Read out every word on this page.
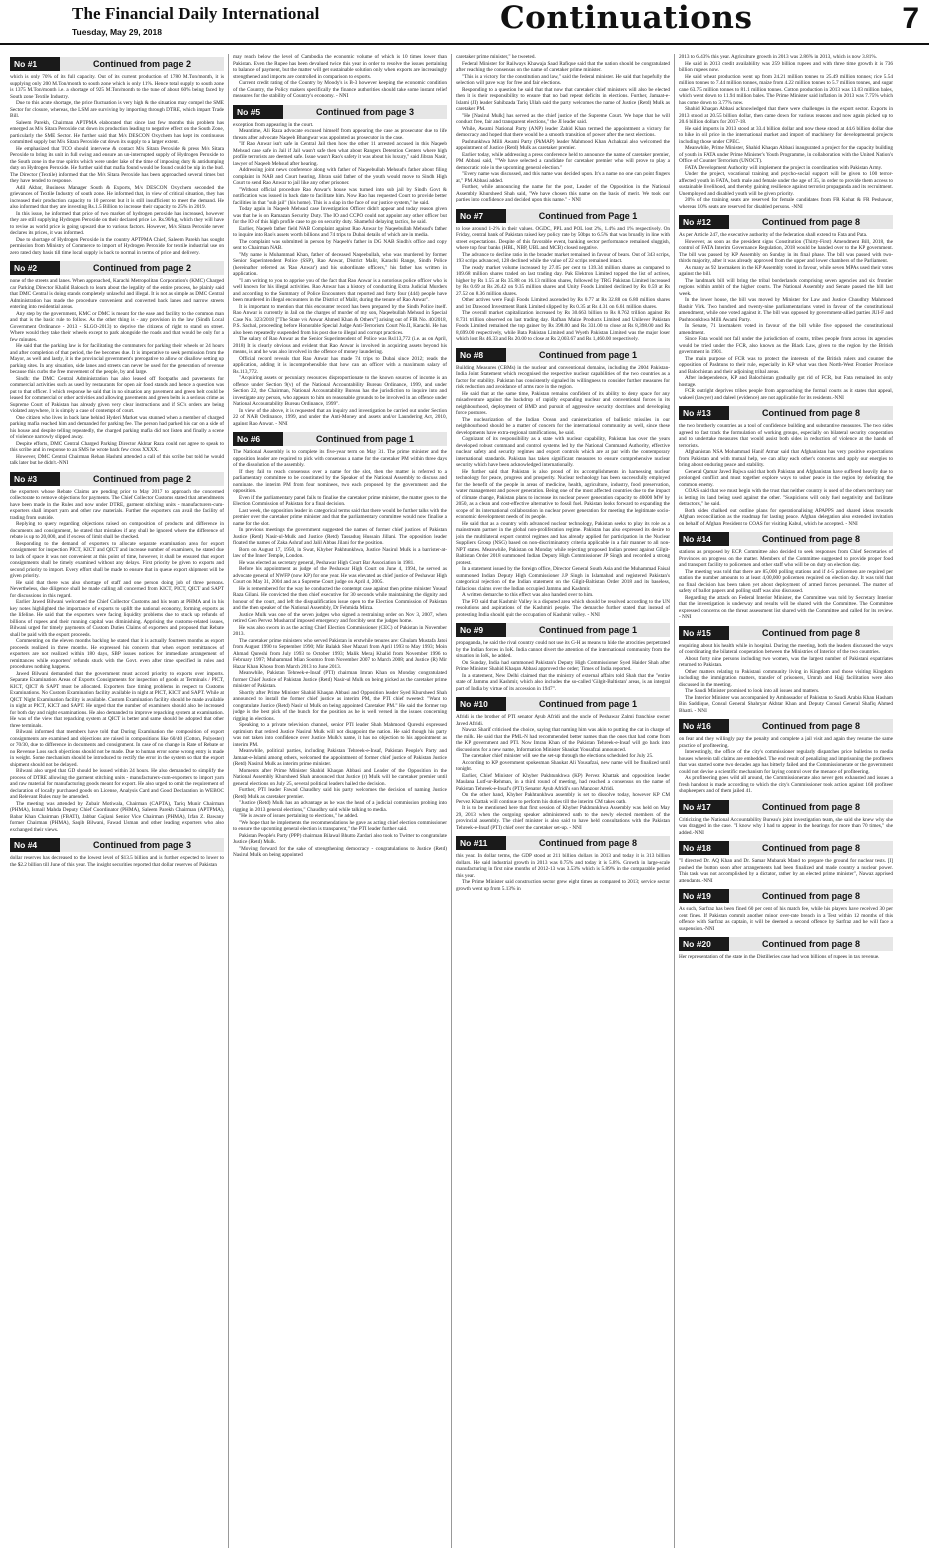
The Financial Daily International
Tuesday, May 29, 2018	Continuations	7
No #1	Continued from page 2

which is only 70% of its full capacity. Out of its current production of 1780 M.Ton/month, it is supplying only 200 M.Ton/month to south zone which is only 11%. Hence total supply to south zone is 1375 M.Ton/month i.e. a shortage of 925 M.Ton/month to the tune of about 60% being faced by South zone Textile Industry.

Due to this acute shortage, the price fluctuation is very high & the situation may compel the SME Sector for closure, whereas, the LSM are surviving by importing through DTRE, which impart Trade Bill.

Saleem Parekh, Chairman APTPMA elaborated that since last few months this problem has emerged as M/s Sitara Peroxide cut down its production leading to negative effect on the South Zone, particularly the SME Sector. He further said that M/s DESCON Oxychem has kept its continuous committed supply but M/s Sitara Peroxide cut down its supply to a larger extent.

He emphasized that TCO should intervene & contact M/s Sitara Peroxide & press M/s Sitara Peroxide to bring its unit in full swing and ensure an un-interrupted supply of Hydrogen Peroxide to the South zone in the true spirits which were under lake of the time of imposing duty & antidumping duty on Hydrogen Peroxide. He further said that mafia found would be found could be nip in the bud. The Director (Textile) informed that the M/s Sitara Peroxide has been approached several times but they have tended to response.

Adil Akbar, Business Manager South & Exports, M/s DESCON Oxychem seconded the grievances of Textile Industry of south zone. He informed that, in view of critical situation, they has increased their production capacity to 10 percent but it is still insufficient to meet the demand. He also informed that they are investing Rs.1.5 Billion to increase their capacity to 25% in 2019.

In this issue, he informed that price of two market of hydrogen peroxide has increased, however they are still supplying Hydrogen Peroxide on their declared price i.e. Rs.90/kg, which they will have to revise as world price is going upward due to various factors. However, M/s Sitara Peroxide never declares its prices, it was informed.

Due to shortage of Hydrogen Peroxide in the country APTPMA Chief, Saleem Parekh has sought permission from Ministry of Commerce to import of Hydrogen Peroxide for textile industrial use on zero rated duty basis till time local supply is back to normal in terms of price and delivery.

No #2	Continued from page 2

none of the streets and lanes. When approached, Karachi Metropolitan Corporation's (KMC) Charged car Parking Director Khalid Balouch to learn about the legality of the entire process, he plainly said that DMC Central is doing stands completely unlawful and illegal. It is not as simple as DMC Central Administration has made the procedure convenient and converted back lanes and narrow streets entering into residential areas.

Any step by the government, KMC or DMC is meant for the ease and facility to the common man and that is the basic rule to follow. As the other thing is - any provision in the law (Sindh Local Government Ordinance - 2013 - SLGO-2013) to deprive the citizens of right to stand on street. Where would they take their wheels except to park alongside the roads and that would be only for a few minutes.

He said that the parking law is for facilitating the commuters for parking their wheels or 24 hours and after completion of that period, the fee becomes due. It is imperative to seek permission from the Mayor, as well and lastly, it is the provincial government's prerogative to allow or disallow setting up parking sites. In any situation, side lanes and streets can never be used for the generation of revenue because this curbs the free movement of the people, by and large.

Sindh: the DMC Central Administration has also leased off footpaths and pavements for commercial activities such as used by restaurants for open air food stands and hence a question was put to that officer. I which response he said that in no situation any pavement and green belt could be leased for commercial or other activities and allowing pavements and green belts is a serious crime as Supreme Court of Pakistan has already given very clear instructions and if SC's orders are being violated anywhere, it is simply a case of contempt of court.

One citizen who lives in back lane behind Hyderi Market was stunned when a member of charged parking mafia reached him and demanded for parking fee. The person had parked his car on a side of his house and despite telling repeatedly, the charged parking mafia did not listen and finally a scene of violence narrowly slipped away.

Despite efforts, DMC Central Charged Parking Director Akhtar Raza could not agree to speak to this scribe and in response to an SMS he wrote back few cross XXXX.

However, DMC Central Chairman Rehan Hashmi attended a call of this scribe but told he would talk later but he didn't.-NNI

No #3	Continued from page 2

the exporters whose Rebate Claims are pending prior to May 2017 to approach the concerned collectorate to remove objections for payments. The Chief Collector Customs stated that amendments have been made in the Rules and now under DTRE, garment stitching units - manufacturers-cum-exporters shall import yarn and other raw materials. Further the exporters can avail the facility of trading from outside.

Replying to query regarding objections raised on composition of products and difference in documents and consignment, he stated that mistakes if any shall be ignored where the difference of rebate is up to 20,000, and if excess of limit shall be checked.

Responding to the demand of exporters to allocate separate examination area for export consignment for inspection PICT, KICT and QICT and increase number of examiners, he stated due to lack of space it was not convenient at this point of time, however, it shall be ensured that export consignments shall be timely examined without any delays. First priority be given to exports and second priority to import. Every effort shall be made to ensure that in queue export shipment will be given priority.

He said that there was also shortage of staff and one person doing job of three persons. Nevertheless, due diligence shall be made calling all concerned from KICT, PICT, QICT and SAPT for discussions in this regard.

Earlier Jawed Bilwani welcomed the Chief Collector Customs and his team at PHMA and in his key notes highlighted the importance of exports to uplift the national economy, forming exports as the lifeline. He said that the exporters were facing liquidity problems due to stuck up refunds of billions of rupees and their running capital was diminishing. Apprising the customs-related issues, Bilwani urged for timely payments of Custom Duties Claims of exporters and proposed that Rebate shall be paid with the export proceeds.

Commenting on the eleven months backlog he stated that it is actually fourteen months as export proceeds realized in three months. He expressed his concern that when export remittances of exporters are not realized within 180 days, SBP issues notices for immediate arrangement of remittances while exporters' refunds stuck with the Govt. even after time specified in rules and procedures nothing happens.

Jawed Bilwani demanded that the government must accord priority to exports over imports. Separate Examination Areas of Exports Consignments for inspection of goods at Terminals / PICT, KICT, QICT & SAPT must be allocated. Exporters face timing problems in respect to Customs Examinations. No Custom Examination facility available in night at PICT, KICT and SAPT. While at QICT Night Examination facility is available. Custom Examination facility should be made available in night at PICT, KICT and SAPT. He urged that the number of examiners should also be increased for both day and night examinations. He also demanded to improve repacking system at examination. He was of the view that repacking system at QICT is better and same should be adopted that other three terminals.

Bilwani informed that members have told that During Examination the composition of export consignments are examined and objections are raised in compositions like 60/40 (Cotton, Polyester) or 70/30, due to difference in documents and consignment. In case of no change in Rate of Rebate or no Revenue Loss such objections should not be made. Due to human error some wrong entry is made in weight. Some mechanism should be introduced to rectify the error in the system so that the export shipment should not be delayed.

Bilwani also urged that GD should be issued within 24 hours. He also demanded to simplify the process of DTRE allowing the garment stitching units - manufacturers-cum-exporters to import yarn and raw material for manufacturing goods meant for export. He also urged to omit the requirement of declaration of locally purchased goods on License, Analysis Card and Good Declaration in WEBOC and Relevant Rules may be amended.

The meeting was attended by Zubair Motiwala, Chairman (CAPTA), Tariq Munir Chairman (PHMA), Ismail Mahda Deputy Chief Coordinator (PHMA), Saleem Parekh Chairman (APTPMA), Babar Khan Chairman (FBATI), Jabbar Gajiani Senior Vice Chairman (PHMA), Irfan Z. Bawany former Chairman (PHMA), Saqib Bilwani, Fawad Usman and other leading exporters who also exchanged their views.

No #4	Continued from page 3

dollar reserves has decreased to the lowest level of $13.5 billion and is further expected to lower to the $2.2 billion till June of this year. The insight securities reported that dollar reserves of Pakistan

may reach below the level of Cambodia the economic volume of which is 10 times lower than Pakistan. Even the Rupee has been devalued twice this year in order to resolve the issues pertaining to balance of payment, but the matter will get sustainable solution only when exports are increasingly strengthened and imports are controlled in comparison to exports.

Current credit rating of the Country by Moody's is B-3 however keeping the economic condition of the Country, the Policy makers specifically the finance authorities should take some instant relief measures for the stability of Country's economy. - NNI

No #5	Continued from page 3

exception from appearing in the court.

Meantime, Ali Raza advocate excused himself from appearing the case as prosecutor due to life threats after advocate Naqeeb Bhangwar was appointed as prosecutor in the case.

"If Rao Anwar isn't safe in Central Jail then how the other 11 arrested accused in this Naqeeb Mehsud case safe in Jail if Jail wasn't safe then what about Rangers Detention Centers where high profile terrorists are deemed safe. Issue wasn't Rao's safety it was about his luxury," said Jibran Nasir, lawyer of Naqeeb Mehsud after hearing.

Addressing joint news conference along with father of Naqeebullah Mehsud's father about filing complaint in NAB and Court hearing, Jibran said father of the youth would move to Sindh High Court to send Rao Anwar to jail like any other prisoner.

"Without official procedure Rao Anwar's house was turned into sub jail by Sindh Govt & notification was issued in back date to facilitate him. Now Rao has requested Court to provide better facilities in that "sub jail" (his home). This is a slap in the face of our justice system," he said.

Today again in Naqeeb Mehsud case Investigation Officer didn't appear and today reason given was that he is on Ramazan Security Duty. The IO and CCPO could not appoint any other officer but for the IO of this high profile case to go on security duty. Shameful delaying tactics, he said.

Earlier, Naqeeb father field NAB Complaint against Rao Anwar by Naqeebullah Mehsud's father to inquire into Rao's assets worth billions and 74 trips to Dubai details of which are in media.

The complaint was submitted in person by Naqeeb's father in DG NAB Sindh's office and copy sent to Chairman NAB.

"My name is Muhammad Khan, father of deceased Naqeebullah, who was murdered by former Senior Superintendent Police (SSP), Rao Anwar, District Malir, Karachi Range, Sindh Police (hereinafter referred as 'Rao Anwar') and his subordinate officers," his father has written in application.

"I am writing to you to apprise you of the fact that Rao Anwar is a notorious police officer who is well known for his illegal activities. Rao Anwar has a history of conducting Extra Judicial Murders and according to the Summary of Police Encounters that reported and forty four (444) people have been murdered in illegal encounters in the District of Malir, during the tenure of Rao Anwar".

It is important to mention that this encounter record has been prepared by the Sindh Police itself. Rao Anwar is currently in Jail on the charges of murder of my son, Naqeebullah Mehsud in Special Case No. 323/2018 ["The State v/s Anwar Ahmed Khan & Others"] arising out of FIR No. 40/2018, P.S. Sachal, proceeding before Honorable Special Judge Anti-Terrorism Court No.II, Karachi. He has also been repeatedly suspended from his post due to illegal and corrupt practices.

The salary of Rao Anwar as the Senior Superintendent of Police was Rs113,772 (i.e. as on April, 2018) It is clearly obvious and evident that Rao Anwar is involved in acquiring assets beyond his means, is and he was also involved in the offence of money laundering.

Official record reveals that Rao Anwar has made 74 trips to Dubai since 2012; reads the application, adding it is incomprehensible that how can an officer with a maximum salary of Rs.113,772.

"Acquiring assets or pecuniary resources disproportionate to the known sources of income is an offence under Section 9(v) of the National Accountability Bureau Ordinance, 1999, and under Section 22, the Chairman, National Accountability Bureau has the jurisdiction to inquire into and investigate any person, who appears to him on reasonable grounds to be involved in an offence under National Accountability Bureau Ordinance, 1999".

In view of the above, it is requested that an inquiry and investigation be carried out under Section 22 of NAB Ordinance, 1999, and under the Anti-Money and assets and/or Laundering Act, 2010, against Rao Anwar. - NNI

No #6	Continued from page 1

The National Assembly is to complete its five-year term on May 31. The prime minister and the opposition leader are required to pick with consensus a name for the caretaker PM within three days of the dissolution of the assembly.

If they fail to reach consensus over a name for the slot, then the matter is referred to a parliamentary committee to be constituted by the Speaker of the National Assembly to discuss and nominate. the interim PM from four nominees, two each proposed by the government and the opposition.

Even if the parliamentary panel fails to finalise the caretaker prime minister, the matter goes to the Election Commission of Pakistan for a final decision.

Last week, the opposition leader in categorical terms said that there would be further talks with the premier over the caretaker prime minister and that the parliamentary committee would now finalise a name for the slot.

In previous meetings the government suggested the names of former chief justices of Pakistan Justice (Retd) Nasir-ul-Mulk and Justice (Retd) Tassaduq Hussain Jillani. The opposition leader floated the names of Zaka Ashraf and Jalil Abbas Jilani for the position.

Born on August 17, 1950, in Swat, Khyber Pakhtunkhwa, Justice Nasirul Mulk is a barrister-at-law of the Inner Temple, London.

He was elected as secretary general, Peshawar High Court Bar Association in 1981.

Before his appointment as judge of the Peshawar High Court on June 4, 1994, he served as advocate general of NWFP (now KP) for one year. He was elevated as chief justice of Peshawar High Court on May 31, 2004 and as a Supreme Court judge on April 4, 2005.

He is remembered for the way he conducted the contempt case against then prime minister Yousaf Raza Gilani. He convicted the then chief executive for 30 seconds while maintaining the dignity and honour of the court, and left the disqualification issue open to the Election Commission of Pakistan and the then speaker of the National Assembly, Dr Fehmida Mirza.

Justice Mulk was one of the seven judges who signed a restraining order on Nov 3, 2007, when retired Gen Pervez Musharraf imposed emergency and forcibly sent the judges home.

He was also sworn in as the acting Chief Election Commissioner (CEC) of Pakistan in November 2013.

The caretaker prime ministers who served Pakistan in erstwhile tenures are: Ghulam Mustafa Jatoi from August 1990 to September 1990; Mir Balakh Sher Mazari from April 1993 to May 1993; Moin Ahmad Qureshi from July 1993 to October 1993; Malik Meraj Khalid from November 1996 to February 1997; Muhammad Mian Soomro from November 2007 to March 2008; and Justice (R) Mir Hazar Khan Khoso from March 2013 to June 2013.

Meanwhile, Pakistan Tehreek-e-Insaf (PTI) chairman Imran Khan on Monday congratulated former Chief Justice of Pakistan Justice (Retd) Nasir-ul Mulk on being picked as the caretaker prime minister of Pakistan.

Shortly after Prime Minister Shahid Khaqan Abbasi and Opposition leader Syed Khursheed Shah announced to install the former chief justice as interim PM, the PTI chief tweeted: "Want to congratulate Justice (Retd) Nasir ul Mulk on being appointed Caretaker PM." He said the former top judge is the best pick of the bunch for the position as he is well versed in the issues concerning rigging in elections.

Speaking to a private television channel, senior PTI leader Shah Mahmood Qureshi expressed optimism that retired Justice Nasirul Mulk will not disappoint the nation. He said though his party was not taken into confidence over Justice Mulk's name, it has no objection to his appointment as interim PM.

Meanwhile, political parties, including Pakistan Tehreek-e-Insaf, Pakistan People's Party and Jamaat-e-Islami among others, welcomed the appointment of former chief justice of Pakistan Justice (Retd) Nasirul Mulk as interim prime minister.

Moments after Prime Minister Shahid Khaqan Abbasi and Leader of the Opposition in the National Assembly Khursheed Shah announced that Justice (r) Mulk will be caretaker premier until general elections on July 25, several political leaders hailed the decision.

Further, PTI leader Fawad Chaudhry said his party welcomes the decision of naming Justice (Retd) Mulk as caretaker premier.

"Justice (Retd) Mulk has an advantage as he was the head of a judicial commission probing into rigging in 2013 general elections," Chaudhry said while talking to media.

"He is aware of issues pertaining to elections," he added.

"We hope that he implements the recommendations he gave as acting chief election commissioner to ensure the upcoming general election is transparent," the PTI leader further said.

Pakistan People's Party (PPP) chairman Bilawal Bhutto Zardari also took to Twitter to congratulate Justice (Retd) Mulk.

"Moving forward for the sake of strengthening democracy - congratulations to Justice (Retd) Nasirul Mulk on being appointed

caretaker prime minister," he tweeted.

Federal Minister for Railways Khawaja Saad Rafique said that the nation should be congratulated after reaching the consensus on the name of caretaker prime minister.

"This is a victory for the constitution and law," said the federal minister. He said that hopefully the selection will pave way for free and fair elections.

Responding to a question he said that that now that caretaker chief ministers will also be elected then it is their responsibility to ensure that no bad repeat deficits in elections. Further, Jamaat-e-Islami (JI) leader Sahibzada Tariq Ullah said the party welcomes the name of Justice (Retd) Mulk as caretaker PM.

"He [Nasirul Mulk] has served as the chief justice of the Supreme Court. We hope that he will conduct free, fair and transparent elections," the JI leader said.

While, Awami National Party (ANP) leader Zahid Khan termed the appointment a victory for democracy and hoped that there would be a smooth transition of power after the next elections.

Pashtunkhwa Milli Awami Party (PkMAP) leader Mahmood Khan Achakzai also welcomed the appointment of Justice (Retd) Mulk as caretaker premier.

Earlier today, while addressing a press conference held to announce the name of caretaker premier, PM Abbasi said, ""We have selected a candidate for caretaker premier who will prove to play a democratic role in the upcoming general election."

"Every name was discussed, and this name was decided upon. It's a name no one can point fingers at," PM Abbasi added.

Further, while announcing the name for the post, Leader of the Opposition in the National Assembly Khursheed Shah said, "We have chosen this name on the basis of merit. We took our parties into confidence and decided upon this name." - NNI

No #7	Continued from Page 1

to lose around 1-2% in their values. OGDC, PPL and POL lost 2%, 1.4% and 1% respectively. On Friday, central bank of Pakistan raised key policy rate by 50bps to 6.5% that was broadly in line with street expectations. Despite of this favorable event, banking sector performance remained sluggish, where top four banks (HBL, NBP, UBL and MCB) closed negative.

The advance to decline ratio in the broader market remained in favour of bears. Out of 343 scrips, 193 scrips advanced, 128 declined while the value of 22 scrips remained intact.

The ready market volume increased by 27.05 per cent to 139.34 million shares as compared to 109.68 million shares traded on last trading day. Pak Elektron Limited topped the list of actives, higher by Rs 1.55 at Rs 35.88 on 16.13 million shares, followed by TRG Pakistan Limited increased by Rs 0.69 at Rs 26.42 on 9.35 million shares and Unity Foods Limited declined by Rs 0.59 at Rs 27.52 on 8.36 million shares.

Other actives were Fauji Foods Limited ascended by Rs 0.77 at Rs 32.88 on 6.80 million shares and 1st Dawood Investment Bank Limited slipped by Rs 0.35 at Rs 4.31 on 6.61 million shares.

The overall market capitalization increased by Rs 30.663 billion to Rs 8.762 trillion against Rs 8.731 trillion observed on last trading day. Rafhan Maize Products Limited and Unilever Pakistan Foods Limited remained the top gainer by Rs 398.00 and Rs 331.00 to close at Rs 8,398.00 and Rs 8,699.00 respectively, while Bata Pakistan Limited and Wyeth Pakistan Limited was the major loser which lost Rs 46.33 and Rs 20.00 to close at Rs 2,003.67 and Rs 1,460.00 respectively.

No #8	Continued from page 1

Building Measures (CBMs) in the nuclear and conventional domains, including the 2004 Pakistan-India Joint Statement which recognised the respective nuclear capabilities of the two countries as a factor for stability. Pakistan has consistently signaled its willingness to consider further measures for risk reduction and avoidance of arms race in the region.

He said that at the same time, Pakistan remains confident of its ability to deny space for any misadventure against the backdrop of rapidly expanding nuclear and conventional forces in its neighbourhood, deployment of BMD and pursuit of aggressive security doctrines and developing force postures.

The nuclearization of the Indian Ocean and canisterization of ballistic missiles in our neighbourhood should be a matter of concern for the international community as well, since these developments have extra-regional ramifications, he said.

Cognizant of its responsibility as a state with nuclear capability, Pakistan has over the years developed robust command and control systems led by the National Command Authority, effective nuclear safety and security regimes and export controls which are at par with the contemporary international standards. Pakistan has taken significant measures to ensure comprehensive nuclear security which have been acknowledged internationally.

He further said that Pakistan is also proud of its accomplishments in harnessing nuclear technology for peace, progress and prosperity. Nuclear technology has been successfully employed for the benefit of the people in areas of medicine, health, agriculture, industry, food preservation, water management and power generation. Being one of the most affected countries due to the impact of climate change, Pakistan plans to increase its nuclear power generation capacity to 40000 MW by 2050, as a clean and cost-effective alternative to fossil fuel. Pakistan looks forward to expanding the scope of its international collaboration in nuclear power generation for meeting the legitimate socio-economic development needs of its people.

He said that as a country with advanced nuclear technology, Pakistan seeks to play its role as a mainstream partner in the global non-proliferation regime. Pakistan has also expressed its desire to join the multilateral export control regimes and has already applied for participation in the Nuclear Suppliers Group (NSG) based on non-discriminatory criteria applicable in a fair manner to all non-NPT states. Meanwhile, Pakistan on Monday while rejecting proposed Indian protest against Gilgit-Baltistan Order 2018 summoned Indian Deputy High Commissioner JP Singh and recorded a strong protest.

In a statement issued by the foreign office, Director General South Asia and the Muhammad Faisal summoned Indian Deputy High Commissioner J.P Singh in Islamabad and registered Pakistan's categorical rejection of the Indian statement on the Gilgit-Baltistan Order 2018 and its baseless, fallacious claims over the Indian occupied Jammu and Kashmir.

A written demarche to this effect was also handed over to him.

The FO said that Kashmir Valley is a disputed area which should be resolved according to the UN resolutions and aspirations of the Kashmiri people. The demarche further stated that instead of protesting India should quit the occupation of Kashmir valley. - NNI

No #9	Continued from page 1

propaganda, he said the rival country could not use its G-H as means to hide the atrocities perpetrated by the Indian forces in IoK. India cannot divert the attention of the international community from the situation in IoK, he added.

On Sunday, India had summoned Pakistan's Deputy High Commissioner Syed Haider Shah after Prime Minister Shahid Khaqan Abbasi approved the order; Times of India reported.

In a statement, New Delhi claimed that the ministry of external affairs told Shah that the "entire state of Jammu and Kashmir, which also includes the so-called 'Gilgit-Baltistan' areas, is an integral part of India by virtue of its accession in 1947".

No #10	Continued from page 1

Afridi is the brother of PTI senator Ayub Afridi and the uncle of Peshawar Zalmi franchise owner Javed Afridi.

Nawaz Sharif criticised the choice, saying that naming him was akin to putting the cat in charge of the milk. He said that the PML-N had recommended better names than the ones that had come from the KP government and PTI. Now Imran Khan of the Pakistan Tehreek-e-Insaf will go back into discussions for a new name, Information Minister Shaukat Yousafzai announced.

The caretaker chief minister will see the set-up through the elections scheduled for July 25.

According to KP government spokesman Shaukat Ali Yousafzai, new name will be finalized until tonight.

Earlier, Chief Minister of Khyber Pakhtunkhwa (KP) Pervez Khattak and opposition leader Maulana Lutf-ur-Rehman, in a third round of meeting, had reached a consensus on the name of Pakistan Tehreek-e-Insaf's (PTI) Senator Ayub Afridi's son Manzoor Afridi.

On the other hand, Khyber Pakhtunkhwa assembly is set to dissolve today, however KP CM Pervez Khattak will continue to perform his duties till the interim CM takes oath.

It is to be mentioned here that first session of Khyber Pakhtunkhwa Assembly was held on May 29, 2013 when the outgoing speaker administered oath to the newly elected members of the provincial assembly. The chief minister is also said to have held consultations with the Pakistan Tehreek-e-Insaf (PTI) chief over the caretaker set-up. - NNI

No #11	Continued from page 8

this year. In dollar terms, the GDP stood at 211 billion dollars in 2013 and today it is 313 billion dollars. He said industrial growth in 2013 was 0.75% and today it is 5.8%. Growth in large-scale manufacturing in first nine months of 2012-13 was 3.53% which is 5.89% in the comparable period this year.

The Prime Minister said construction sector grew eight times as compared to 2013; service sector growth went up from 5.13% in

2013 to 6.43% this year. Agriculture growth in 2013 was 2.86% in 2013, which is now 3.81%.

He said in 2013 credit availability was 259 billion rupees and with three time growth it is 736 billion rupees now.

He said wheat production went up from 24.21 million tonnes to 25.49 million tonnes; rice 5.54 million tonnes to 7.44 million tonnes, maize from 4.22 million tonnes to 5.7 million tonnes, and sugar cane 63.75 million tonnes to 81.1 million tonnes. Cotton production in 2013 was 13.03 million bales, which went down to 11.94 million bales. The Prime Minister said inflation in 2013 was 7.75% which has come down to 3.77% now.

Shahid Khaqan Abbasi acknowledged that there were challenges in the export sector. Exports in 2013 stood at 20.55 billion dollar, then came down for various reasons and now again picked up to 20.6 billion dollars for 2017-18.

He said imports in 2013 stood at 33.4 billion dollar and now these stood at 44.6 billion dollar due to hike in oil price in the international market and import of machinery for developmental projects including those under CPEC.

Meanwhile, Prime Minister, Shahid Khaqan Abbasi inaugurated a project for the capacity building of youth in FATA under Prime Minister's Youth Programme, in collaboration with the United Nation's Office of Counter Terrorism (UNOCT).

FATA Development Authority will implement the project in coordination with Pakistan Army.

Under the project, vocational training and psycho-social support will be given to 100 terror-affected youth in FATA, both male and female under the age of 35, in order to provide them access to sustainable livelihood, and thereby gaining resilience against terrorist propaganda and its recruitment. Unemployed and disabled youth will be given priority.

20% of the training seats are reserved for female candidates from FR Kohat & FR Peshawar, whereas 10% seats are reserved for disabled persons. -NNI

No #12	Continued from page 8

As per Article 247, the executive authority of the federation shall extend to Fata and Pata.

However, as soon as the president signs Constitution (Thirty-First) Amendment Bill, 2018, the control of FATA Interim Governance Regulation, 2018 would be handed over to the KP government. The bill was passed by KP Assembly on Sunday in its final phase. The bill was passed with two-thirds majority, after it was already approved from the upper and lower chambers of the Parliament.

As many as 92 lawmakers in the KP Assembly voted in favour, while seven MPAs used their votes against the bill.

The landmark bill will bring the tribal borderlands comprising seven agencies and six frontier regions within ambit of the higher courts. The National Assembly and Senate passed the bill last week.

In the lower house, the bill was moved by Minister for Law and Justice Chaudhry Mahmood Bashir Virk. Two hundred and twenty-nine parliamentarians voted in favour of the constitutional amendment, while one voted against it. The bill was opposed by government-allied parties JUI-F and Pashtoonkhwa Milli Awami Party.

In Senate, 71 lawmakers voted in favour of the bill while five opposed the constitutional amendment.

Since Fata would not fall under the jurisdiction of courts, tribes people from across its agencies would be tried under the FCR, also known as the Black Law, given to the region by the British government in 1901.

The main purpose of FCR was to protect the interests of the British rulers and counter the opposition of Pashtuns to their rule, especially in KP what was then North-West Frontier Province and Balochistan and their adjoining tribal areas.

After independence, KP and Balochistan gradually got rid of FCR, but Fata remained its only hostage.

FCR outright deprives tribes people from approaching the formal courts as it states that appeal, wakeel (lawyer) and daleel (evidence) are not applicable for its residents.-NNI

No #13	Continued from page 8

the two brotherly countries as a tool of confidence building and substantive measures. The two sides agreed to fast track the formulation of working groups, especially on bilateral security cooperation and to undertake measures that would assist both sides in reduction of violence at the hands of terrorists.

Afghanistan NSA Mohammad Hanif Atmar said that Afghanistan has very positive expectations from Pakistan and with mutual help, we can allay each other's concerns and apply our energies to bring about enduring peace and stability.

General Qamar Javed Bajwa said that both Pakistan and Afghanistan have suffered heavily due to prolonged conflict and must together explore ways to usher peace in the region by defeating the common enemy.

COAS said that we must begin with the trust that neither country is used of the others territory nor is letting its land being used against the other. "Suspicions will only fuel negativity and facilitate detractors," he said.

Both sides chalked out outline plans for operationalising APAPPS and shared ideas towards Afghan reconciliation as the roadmap for lasting peace. Afghan delegation also extended invitation on behalf of Afghan President to COAS for visiting Kabul, which he accepted. - NNI

No #14	Continued from page 8

stations as proposed by ECP. Committee also decided to seek responses from Chief Secretaries of Provinces on progress on the matter. Members of the Committee suggested to provide proper food and transport facility to policemen and other staff who will be on duty on election day.

The meeting was told that there are 85,000 polling stations and if 4-5 policemen are required per station the number amounts to at least 4,00,000 policemen required on election day. It was told that no final decision has been taken yet about deployment of armed forces personnel. The matter of safety of ballot papers and polling staff was also discussed.

Regarding the attack on Federal Interior Minister, the Committee was told by Secretary Interior that the investigation is underway and results will be shared with the Committee. The Committee expressed concerns on the threat assessment list shared with the Committee and called for its review. - NNI

No #15	Continued from page 8

enquiring about his health while in hospital. During the meeting, both the leaders discussed the ways of coordinating the bilateral cooperation between the Ministries of Interior of the two countries.

About forty nine persons including two women, was the largest number of Pakistani expatriates returned to Pakistan.

Other matters relating to Pakistani community living in Kingdom and those visiting Kingdom including the immigration matters, transfer of prisoners, Umrah and Hajj facilitation were also discussed in the meeting.

The Saudi Minister promised to look into all issues and matters.

The Interior Minister was accompanied by Ambassador of Pakistan to Saudi Arabia Khan Hasham Bin Saddique, Consul General Shahryar Akhtar Khan and Deputy Consul General Shafiq Ahmed Bhatti. - NNI

No #16	Continued from page 8

on fear and they willingly pay the penalty and complete a jail visit and again they resume the same practice of profiteering.

Interestingly, the office of the city's commissioner regularly dispatches price bulletins to media houses wherein tall claims are embedded. The end result of penalizing and imprisoning the profiteers that was started some two decades ago has bitterly failed and the Commissionerate or the government could not devise a scientific mechanism for laying control over the menace of profiteering.

As profiteering goes wild all around, the Commissionerate also never gets exhausted and issues a fresh handout is made according to which the city's Commissioner took action against 168 profiteer shopkeepers and of them jailed 41.

No #17	Continued from page 8

Criticizing the National Accountability Bureau's joint investigation team, she said she knew why she was dragged in the case. "I know why I had to appear in the hearings for more than 70 times," she added.-NNI

No #18	Continued from page 8

"I directed Dr. AQ Khan and Dr. Samar Mubarak Mand to prepare the ground for nuclear tests. [I] pushed the button soon after arrangements had been finalized and made country a nuclear power. This task was not accomplished by a dictator, rather by an elected prime minister", Nawaz apprised attendants.-NNI

No #19	Continued from page 8

As such, Sarfraz has been fined 60 per cent of his match fee, while his players have received 30 per cent fines. If Pakistan commit another minor over-rate breach in a Test within 12 months of this offence with Sarfraz as captain, it will be deemed a second offence by Sarfraz and he will face a suspension.-NNI

No #20	Continued from page 8

Her representation of the state in the Distilleries case had won billions of rupees in tax revenue.
